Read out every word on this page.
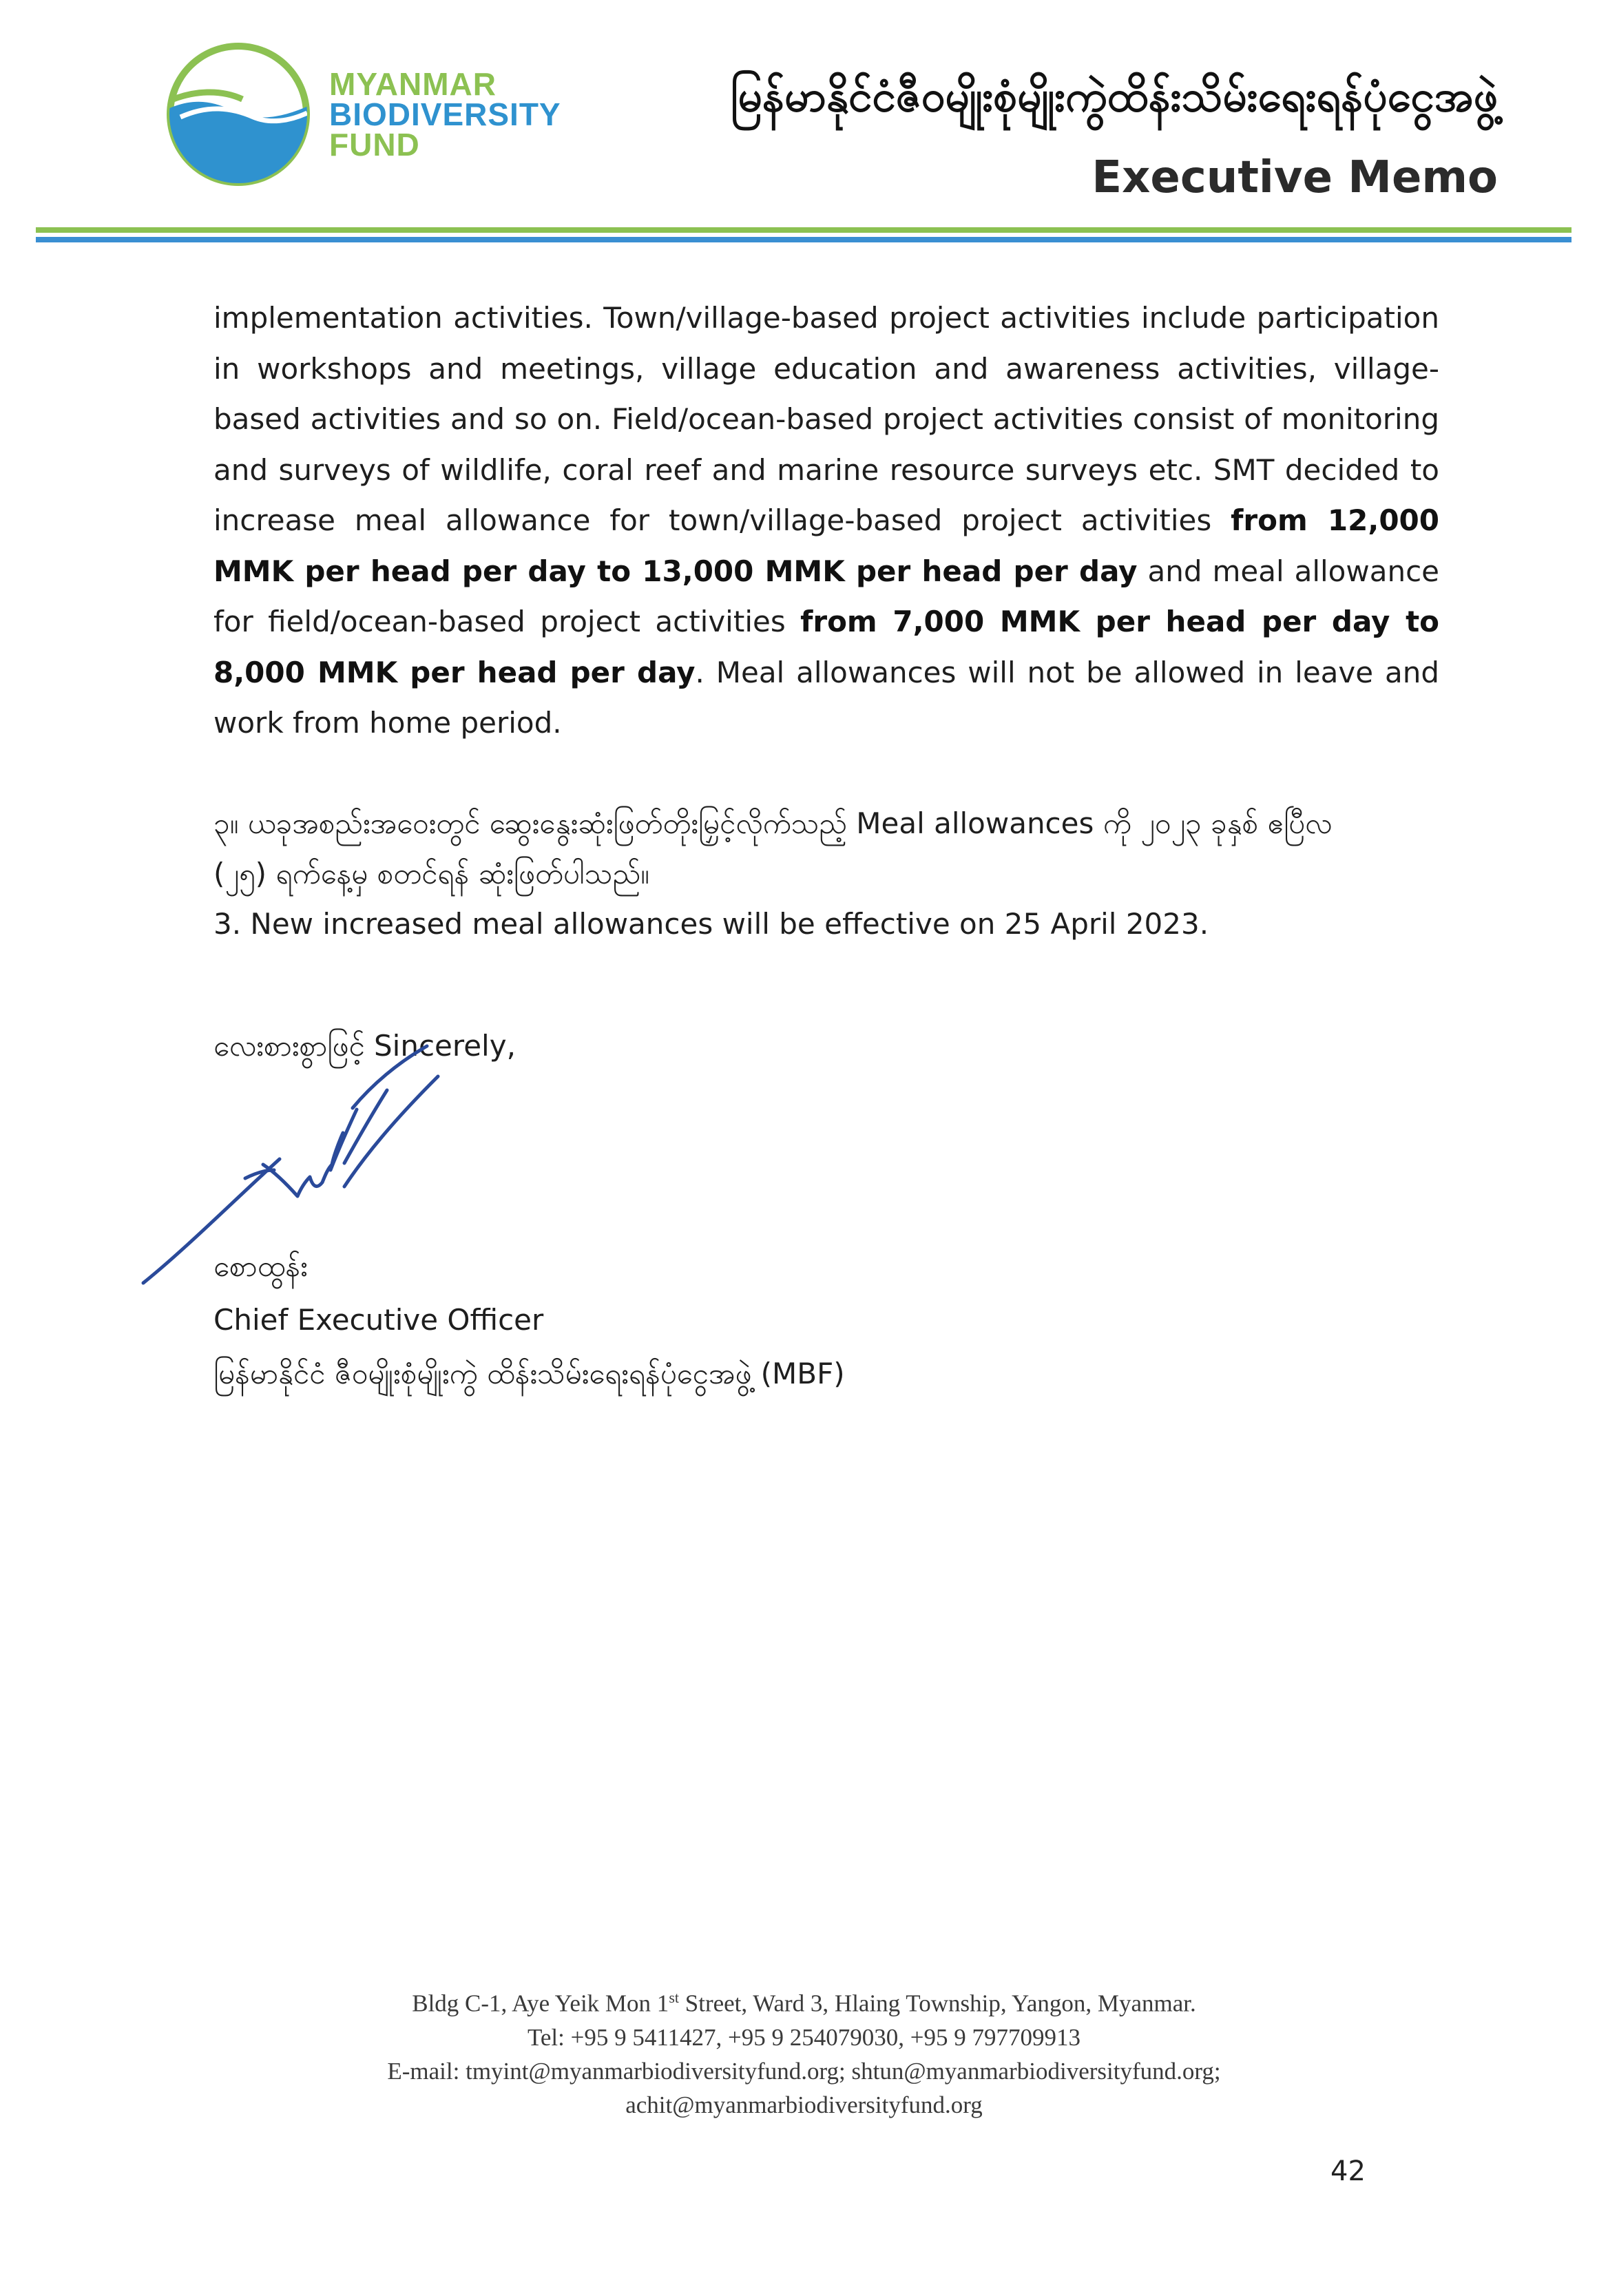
MYANMAR
BIODIVERSITY
FUND
မြန်မာနိုင်ငံဇီဝမျိုးစုံမျိုးကွဲထိန်းသိမ်းရေးရန်ပုံငွေအဖွဲ့
Executive Memo

implementation activities. Town/village-based project activities include participation in workshops and meetings, village education and awareness activities, village-based activities and so on. Field/ocean-based project activities consist of monitoring and surveys of wildlife, coral reef and marine resource surveys etc. SMT decided to increase meal allowance for town/village-based project activities from 12,000 MMK per head per day to 13,000 MMK per head per day and meal allowance for field/ocean-based project activities from 7,000 MMK per head per day to 8,000 MMK per head per day. Meal allowances will not be allowed in leave and work from home period.

၃။ ယခုအစည်းအဝေးတွင် ဆွေးနွေးဆုံးဖြတ်တိုးမြှင့်လိုက်သည့် Meal allowances ကို ၂၀၂၃ ခုနှစ် ဧပြီလ

(၂၅) ရက်နေ့မှ စတင်ရန် ဆုံးဖြတ်ပါသည်။

3. New increased meal allowances will be effective on 25 April 2023.

လေးစားစွာဖြင့် Sincerely,

စောထွန်း

Chief Executive Officer

မြန်မာနိုင်ငံ ဇီဝမျိုးစုံမျိုးကွဲ ထိန်းသိမ်းရေးရန်ပုံငွေအဖွဲ့ (MBF)

Bldg C-1, Aye Yeik Mon 1st Street, Ward 3, Hlaing Township, Yangon, Myanmar.

Tel: +95 9 5411427, +95 9 254079030, +95 9 797709913

E-mail: tmyint@myanmarbiodiversityfund.org; shtun@myanmarbiodiversityfund.org;

achit@myanmarbiodiversityfund.org

42
